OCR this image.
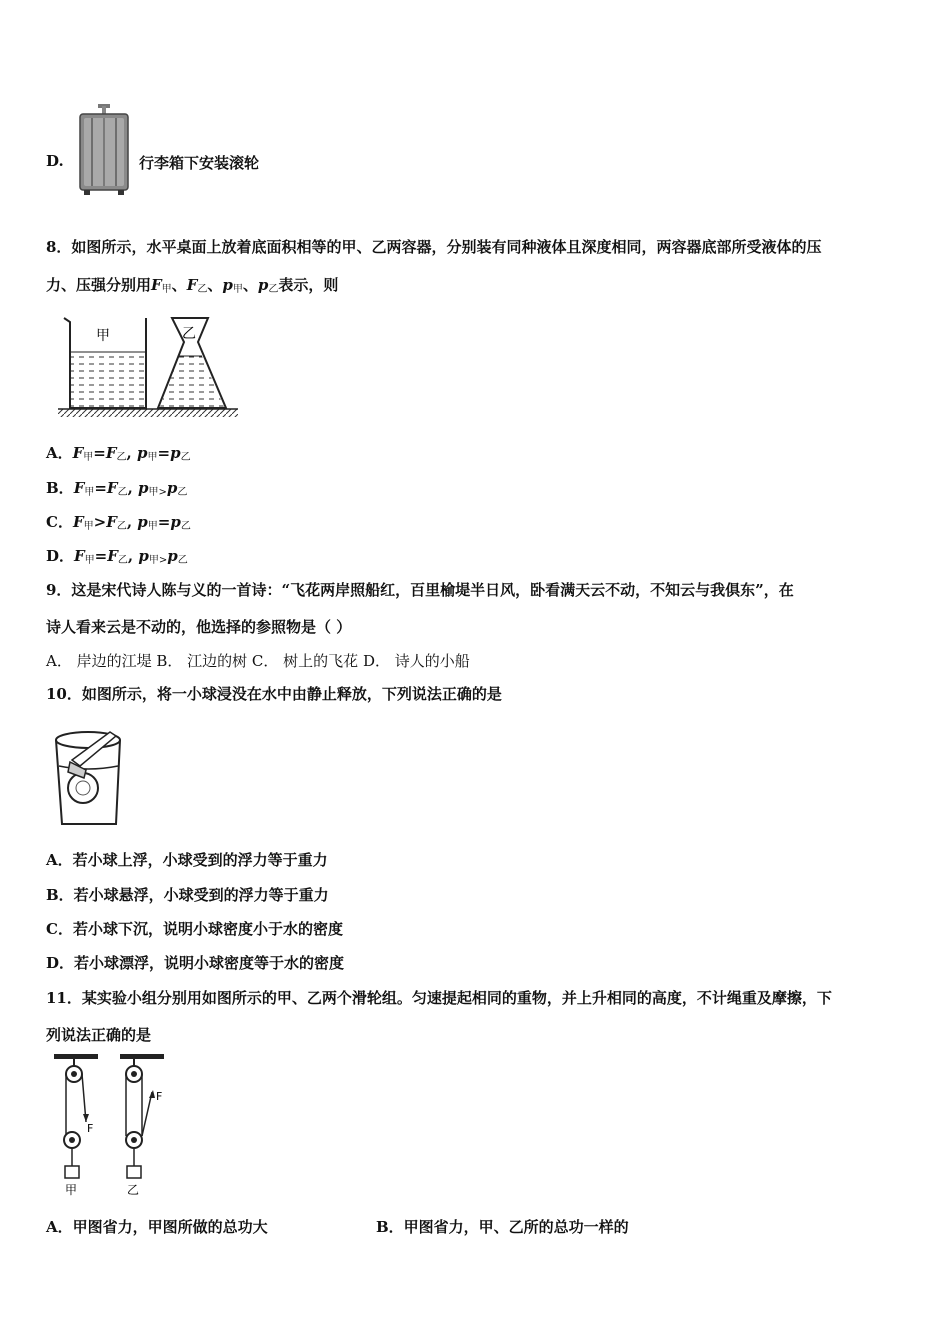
D.	行李箱下安装滚轮
8．如图所示，水平桌面上放着底面积相等的甲、乙两容器，分别装有同种液体且深度相同，两容器底部所受液体的压
力、压强分别用$F_甲$、$F_乙$、$p_甲$、$p_乙$表示，则
甲	乙
A．$F_甲=F_乙$, $p_甲=p_乙$
B．$F_甲=F_乙$, $p_{甲>}p_乙$
C．$F_甲>F_乙$, $p_甲=p_乙$
D．$F_甲=F_乙$, $p_{甲>}p_乙$
9．这是宋代诗人陈与义的一首诗：“飞花两岸照船红，百里榆堤半日风，卧看满天云不动，不知云与我俱东”，在
诗人看来云是不动的，他选择的参照物是（ ）
A． 岸边的江堤 B． 江边的树 C． 树上的飞花 D． 诗人的小船
10．如图所示，将一小球浸没在水中由静止释放，下列说法正确的是
A．若小球上浮，小球受到的浮力等于重力
B．若小球悬浮，小球受到的浮力等于重力
C．若小球下沉，说明小球密度小于水的密度
D．若小球漂浮，说明小球密度等于水的密度
11．某实验小组分别用如图所示的甲、乙两个滑轮组。匀速提起相同的重物，并上升相同的高度，不计绳重及摩擦，下
列说法正确的是
F
甲
F
乙
A．甲图省力，甲图所做的总功大	B．甲图省力，甲、乙所的总功一样的
